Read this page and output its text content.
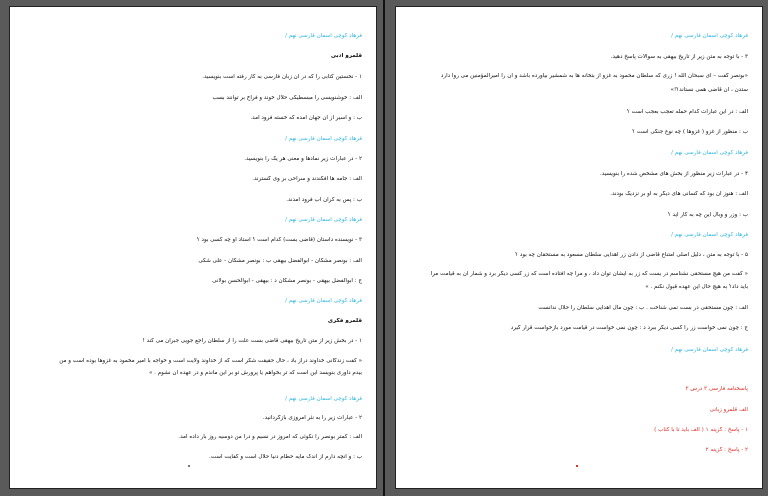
فرهاد کوچی آسمان فارسی نهم /
قلمرو ادبی
۱ - نخستین کتابی را که در آن زبان فارسی به کار رفته است بنویسید.
الف : خوشنویسی را مبسطیکی حلال خوند و فراخ بر توانند بسب
ب : و اسیر از آن جهان آمده که خسته فرود آمد.
فرهاد کوچی آسمان فارسی نهم /
۲ - در عبارات زیر نمادها و معنی هر یک را بنویسید.
الف : جامه ها افکندند و سراحی بر وی گسترند.
ب : پس به کران آب فرود آمدند.
فرهاد کوچی آسمان فارسی نهم /
۳ - نویسنده داستان (قاضی بست) کدام است ؟ استاد او چه کسی بود ؟
الف : بونصر مشکان - ابوالفضل بیهقی ب : بونصر مشکان - علی شکی
ج : ابوالفضل بیهقی - بونصر مشکان د : بیهقی - ابوالحسن بولانی
فرهاد کوچی آسمان فارسی نهم /
قلمرو فکری
۱ - در بخش زیر از متن تاریخ بیهقی قاضی بست علت را از سلطان راجع جویی جبران می کند !
« کفت زندگانی خداوند دراز باد ، حال حقیقت شکر است که از خداوند ولایت است و خواجه با امیر مخمود به غزوها بوده است و من
بیدم داوری بنویسد این است که تر بخواهم یا پرورش تو بر این ماندم و در عهده آن نشوم . »
فرهاد کوچی آسمان فارسی نهم /
۲ - عبارات زیر را به نثر امروزی بازگردانید.
الف : کمتر بونصر را نکوئی که امروز در نسیم و درا من دوسیه روز بار داده آمد.
ب : و آنچه دارم از اندک مایه حطام دنیا حلال است و کفایت است.
فرهاد کوچی آسمان فارسی نهم /
۳ - با توجه به متن زیر از تاریخ بیهقی به سوالات پاسخ دهید.
«بونصر گفت – ای سبحان الله ! زری که سلطان محمود به غزو از بتخانه ها به شمشیر بیاورده باشد و آن را امیرالمؤمنین می روا دارد
ستدن ، آن قاضی همی نستاند؟!»
الف : در این عبارات کدام حمله تعجب بعجب است ؟
ب : منظور از غزو ( غزوها ) چه نوع جنگی است ؟
فرهاد کوچی آسمان فارسی نهم /
۴ - در عبارات زیر منظور از بخش های مشخص شده را بنویسید.
الف : هنوز آن بود که کسانی های دیگر به او بر نزدیک بودند.
ب : وزر و وبال این چه به کار آید ؟
فرهاد کوچی آسمان فارسی نهم /
۵ - با توجه به متن ، دلیل اصلی امتناع قاضی از دادن زر اهدایی سلطان مسعود به مستحقان چه بود ؟
« کفت من هیچ مستحقی نشناسم در بست که زر به ایشان توان داد ، و مرا چه افتاده است که زر کسی دیگر برد و شمار آن به قیامت مرا
باید داد؟ به هیچ حال این عهده قبول نکنم . »
الف : چون مستحقی در بست نمی شناخت . ب : چون مال اهدایی سلطان را حلال ندانست
ج : چون نمی خواست زر را کسی دیگر ببرد د : چون نمی خواست در قیامت مورد بازخواست قرار گیرد
فرهاد کوچی آسمان فارسی نهم /
پاسخنامه فارسی ۳ درس ۳
الف قلمرو زبانی
۱ - پاسخ : گزینه ۱ ( الف باید تا با کتاب )
۲ - پاسخ : گزینه ۲
